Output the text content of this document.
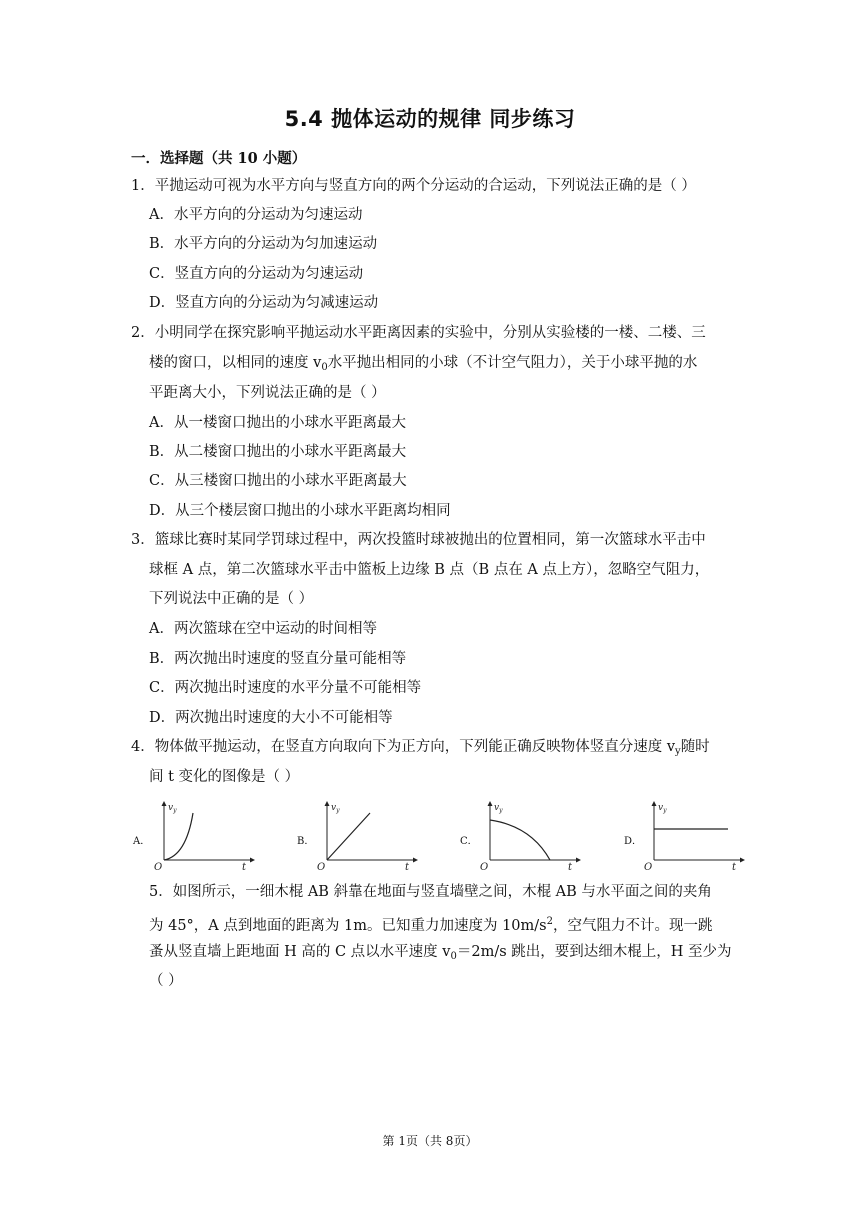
5.4 抛体运动的规律 同步练习
一．选择题（共 10 小题）
1．平抛运动可视为水平方向与竖直方向的两个分运动的合运动，下列说法正确的是（ ）
A．水平方向的分运动为匀速运动
B．水平方向的分运动为匀加速运动
C．竖直方向的分运动为匀速运动
D．竖直方向的分运动为匀减速运动
2．小明同学在探究影响平抛运动水平距离因素的实验中，分别从实验楼的一楼、二楼、三
楼的窗口，以相同的速度 $v_0$水平抛出相同的小球（不计空气阻力），关于小球平抛的水
平距离大小，下列说法正确的是（ ）
A．从一楼窗口抛出的小球水平距离最大
B．从二楼窗口抛出的小球水平距离最大
C．从三楼窗口抛出的小球水平距离最大
D．从三个楼层窗口抛出的小球水平距离均相同
3．篮球比赛时某同学罚球过程中，两次投篮时球被抛出的位置相同，第一次篮球水平击中
球框 A 点，第二次篮球水平击中篮板上边缘 B 点（B 点在 A 点上方），忽略空气阻力，
下列说法中正确的是（ ）
A．两次篮球在空中运动的时间相等
B．两次抛出时速度的竖直分量可能相等
C．两次抛出时速度的水平分量不可能相等
D．两次抛出时速度的大小不可能相等
4．物体做平抛运动，在竖直方向取向下为正方向，下列能正确反映物体竖直分速度 $v_y$随时
间 t 变化的图像是（ ）
A．	B．	C．	D．
$v_y$
O	t
$v_y$
O	t
$v_y$
O	t
$v_y$
O	t
5．如图所示，一细木棍 AB 斜靠在地面与竖直墙壁之间，木棍 AB 与水平面之间的夹角
为 45°，A 点到地面的距离为 1m。已知重力加速度为 $10m/s^2$，空气阻力不计。现一跳
蚤从竖直墙上距地面 H 高的 C 点以水平速度 $v_0=2m/s$ 跳出，要到达细木棍上，H 至少为
（ ）
第 1页（共 8页）
